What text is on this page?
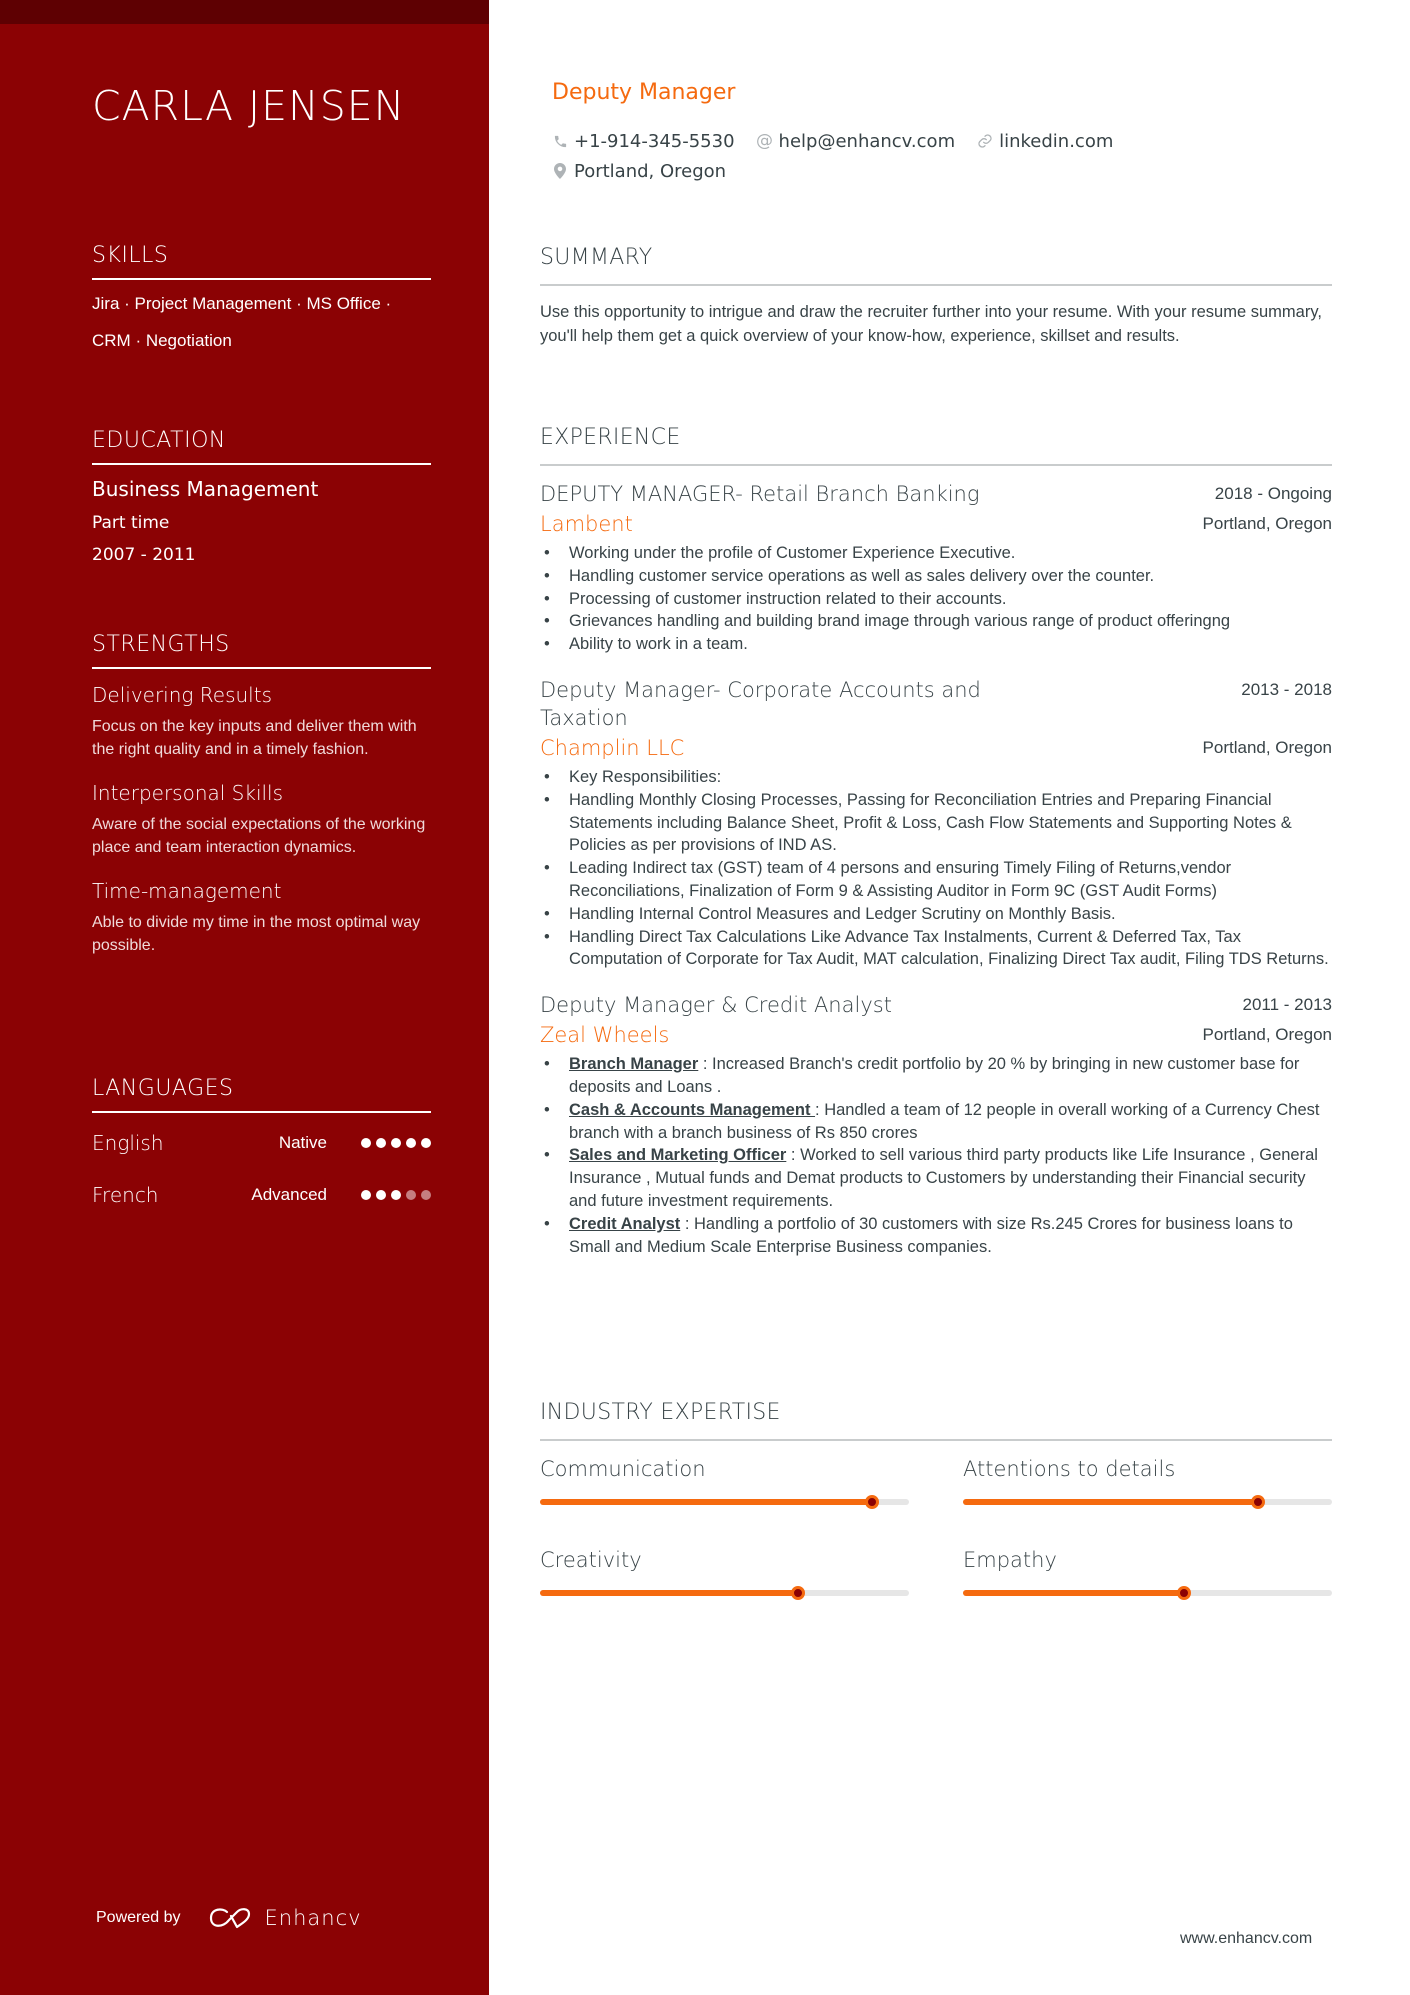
CARLA JENSEN
SKILLS
Jira · Project Management · MS Office ·
CRM · Negotiation
EDUCATION
Business Management
Part time
2007 - 2011
STRENGTHS
Delivering Results
Focus on the key inputs and deliver them with the right quality and in a timely fashion.
Interpersonal Skills
Aware of the social expectations of the working place and team interaction dynamics.
Time-management
Able to divide my time in the most optimal way possible.
LANGUAGES
English	Native
French	Advanced
Powered by	Enhancv
Deputy Manager
+1-914-345-5530 @ help@enhancv.com linkedin.com
Portland, Oregon
SUMMARY

Use this opportunity to intrigue and draw the recruiter further into your resume. With your resume summary, you'll help them get a quick overview of your know-how, experience, skillset and results.

EXPERIENCE
DEPUTY MANAGER- Retail Branch Banking	2018 - Ongoing
Lambent	Portland, Oregon
• Working under the profile of Customer Experience Executive.
• Handling customer service operations as well as sales delivery over the counter.
• Processing of customer instruction related to their accounts.
• Grievances handling and building brand image through various range of product offeringng
• Ability to work in a team.
Deputy Manager- Corporate Accounts and Taxation
2013 - 2018
Champlin LLC	Portland, Oregon
• Key Responsibilities:
• Handling Monthly Closing Processes, Passing for Reconciliation Entries and Preparing Financial Statements including Balance Sheet, Profit & Loss, Cash Flow Statements and Supporting Notes & Policies as per provisions of IND AS.
• Leading Indirect tax (GST) team of 4 persons and ensuring Timely Filing of Returns,vendor Reconciliations, Finalization of Form 9 & Assisting Auditor in Form 9C (GST Audit Forms)
• Handling Internal Control Measures and Ledger Scrutiny on Monthly Basis.
• Handling Direct Tax Calculations Like Advance Tax Instalments, Current & Deferred Tax, Tax Computation of Corporate for Tax Audit, MAT calculation, Finalizing Direct Tax audit, Filing TDS Returns.
Deputy Manager & Credit Analyst	2011 - 2013
Zeal Wheels	Portland, Oregon
• Branch Manager : Increased Branch's credit portfolio by 20 % by bringing in new customer base for deposits and Loans .
• Cash & Accounts Management : Handled a team of 12 people in overall working of a Currency Chest branch with a branch business of Rs 850 crores
• Sales and Marketing Officer : Worked to sell various third party products like Life Insurance , General Insurance , Mutual funds and Demat products to Customers by understanding their Financial security and future investment requirements.
• Credit Analyst : Handling a portfolio of 30 customers with size Rs.245 Crores for business loans to Small and Medium Scale Enterprise Business companies.
INDUSTRY EXPERTISE
Communication	Attentions to details
Creativity	Empathy
www.enhancv.com
